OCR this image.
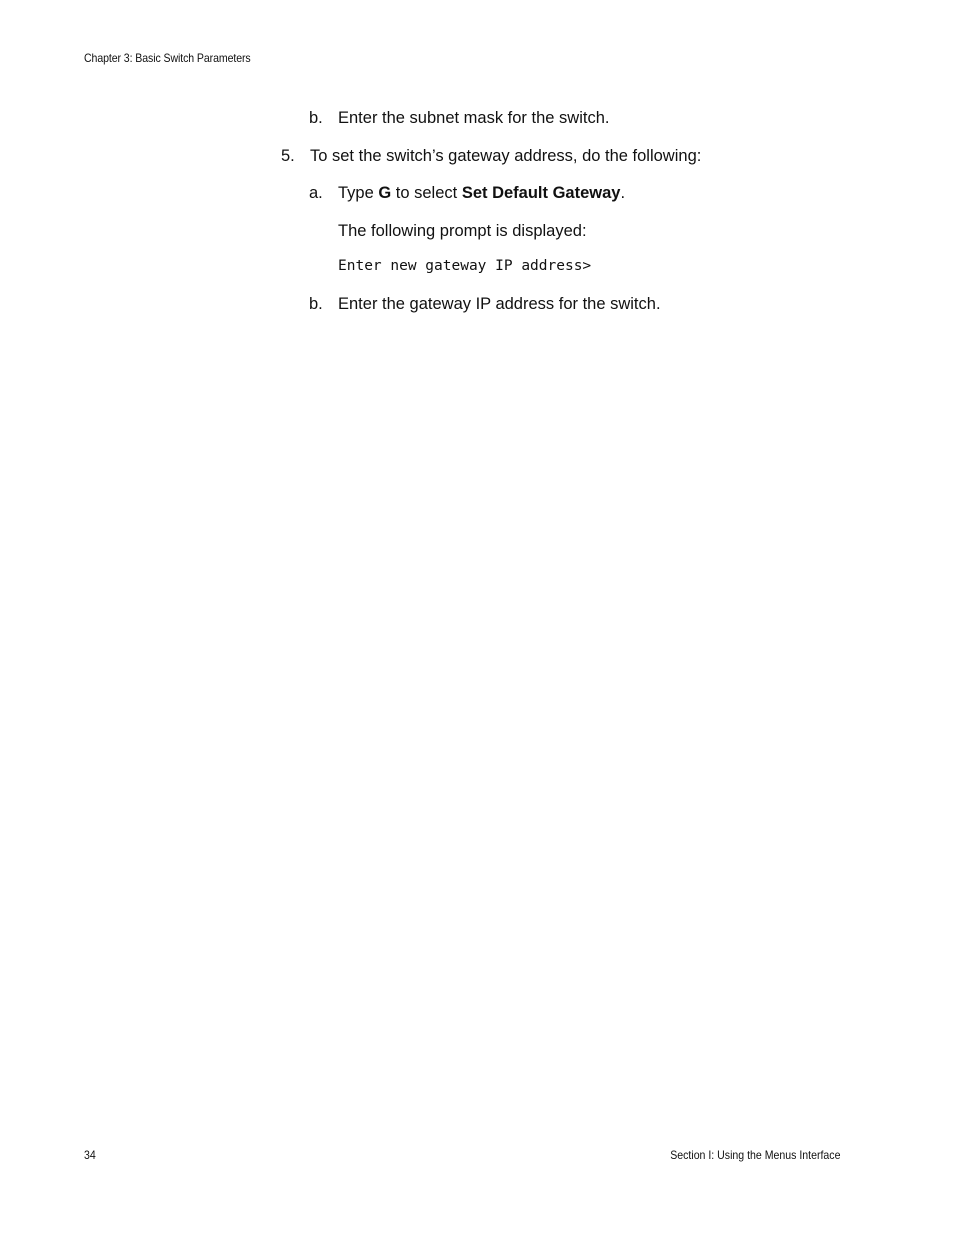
Chapter 3: Basic Switch Parameters
b. Enter the subnet mask for the switch.
5. To set the switch’s gateway address, do the following:
a. Type G to select Set Default Gateway.
The following prompt is displayed:
Enter new gateway IP address>
b. Enter the gateway IP address for the switch.
34	Section I: Using the Menus Interface
